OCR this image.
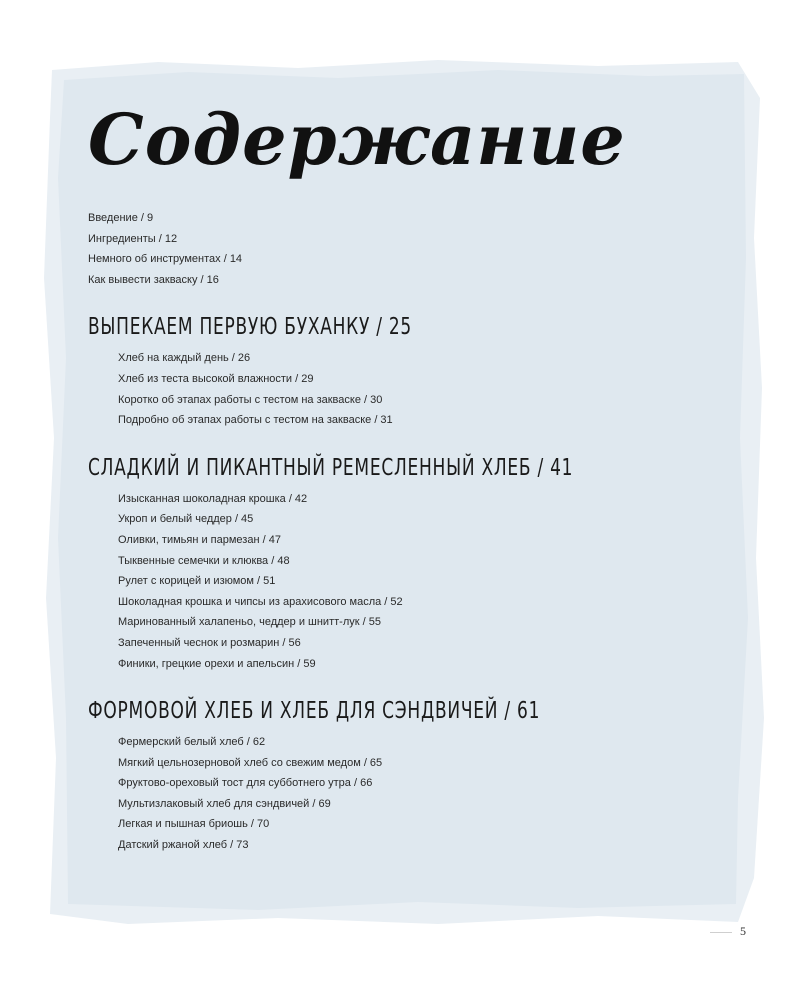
Содержание
Введение / 9
Ингредиенты / 12
Немного об инструментах / 14
Как вывести закваску / 16
ВЫПЕКАЕМ ПЕРВУЮ БУХАНКУ / 25
Хлеб на каждый день / 26
Хлеб из теста высокой влажности / 29
Коротко об этапах работы с тестом на закваске / 30
Подробно об этапах работы с тестом на закваске / 31
СЛАДКИЙ И ПИКАНТНЫЙ РЕМЕСЛЕННЫЙ ХЛЕБ / 41
Изысканная шоколадная крошка / 42
Укроп и белый чеддер / 45
Оливки, тимьян и пармезан / 47
Тыквенные семечки и клюква / 48
Рулет с корицей и изюмом / 51
Шоколадная крошка и чипсы из арахисового масла / 52
Маринованный халапеньо, чеддер и шнитт-лук / 55
Запеченный чеснок и розмарин / 56
Финики, грецкие орехи и апельсин / 59
ФОРМОВОЙ ХЛЕБ И ХЛЕБ ДЛЯ СЭНДВИЧЕЙ / 61
Фермерский белый хлеб / 62
Мягкий цельнозерновой хлеб со свежим медом / 65
Фруктово-ореховый тост для субботнего утра / 66
Мультизлаковый хлеб для сэндвичей / 69
Легкая и пышная бриошь / 70
Датский ржаной хлеб / 73
5
